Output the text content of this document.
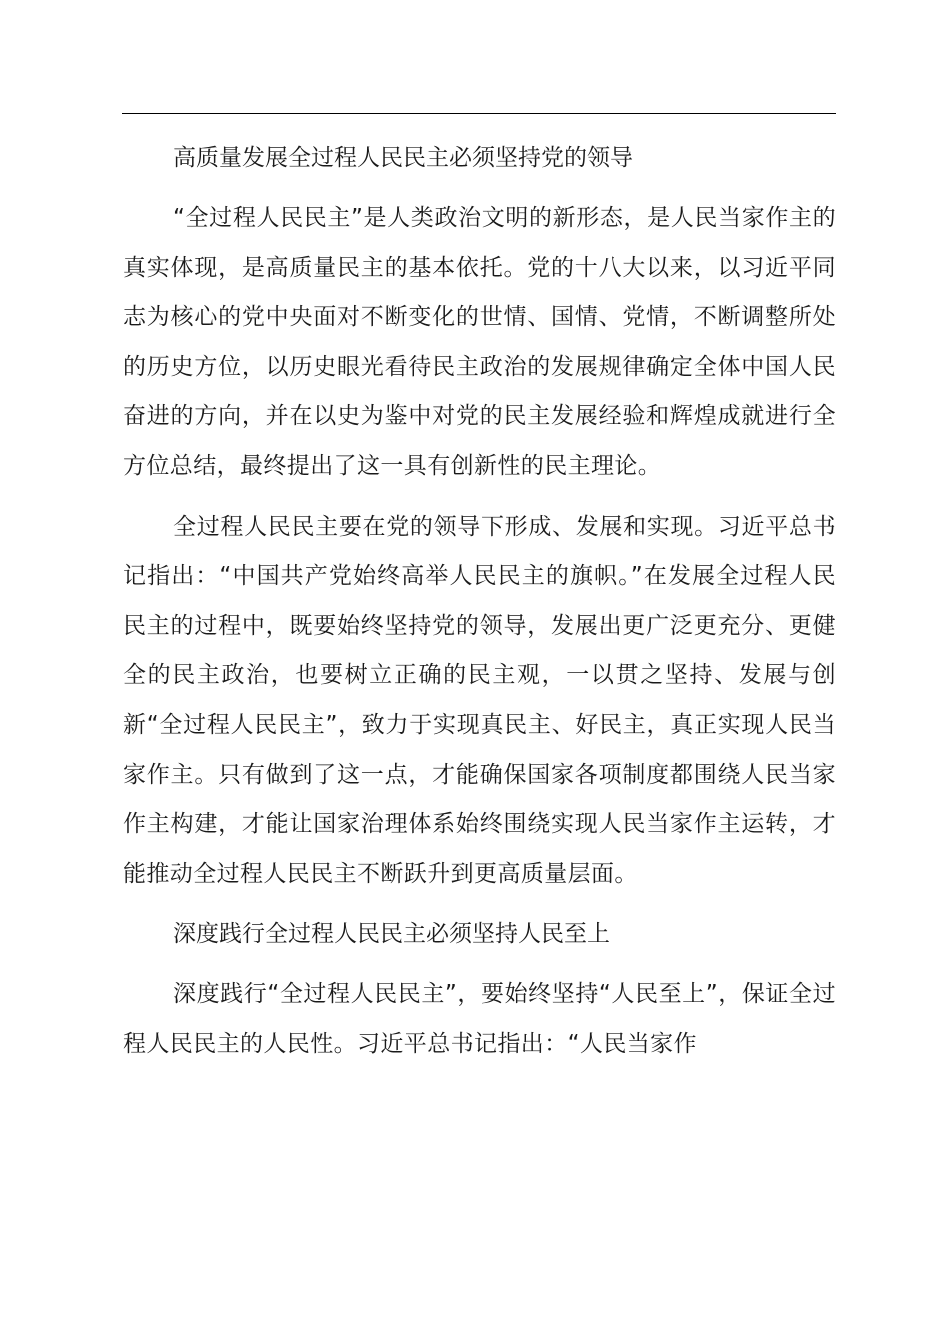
高质量发展全过程人民民主必须坚持党的领导

“全过程人民民主”是人类政治文明的新形态，是人民当家作主的真实体现，是高质量民主的基本依托。党的十八大以来，以习近平同志为核心的党中央面对不断变化的世情、国情、党情，不断调整所处的历史方位，以历史眼光看待民主政治的发展规律确定全体中国人民奋进的方向，并在以史为鉴中对党的民主发展经验和辉煌成就进行全方位总结，最终提出了这一具有创新性的民主理论。

全过程人民民主要在党的领导下形成、发展和实现。习近平总书记指出：“中国共产党始终高举人民民主的旗帜。”在发展全过程人民民主的过程中，既要始终坚持党的领导，发展出更广泛更充分、更健全的民主政治，也要树立正确的民主观，一以贯之坚持、发展与创新“全过程人民民主”，致力于实现真民主、好民主，真正实现人民当家作主。只有做到了这一点，才能确保国家各项制度都围绕人民当家作主构建，才能让国家治理体系始终围绕实现人民当家作主运转，才能推动全过程人民民主不断跃升到更高质量层面。

深度践行全过程人民民主必须坚持人民至上

深度践行“全过程人民民主”，要始终坚持“人民至上”，保证全过程人民民主的人民性。习近平总书记指出：“人民当家作
